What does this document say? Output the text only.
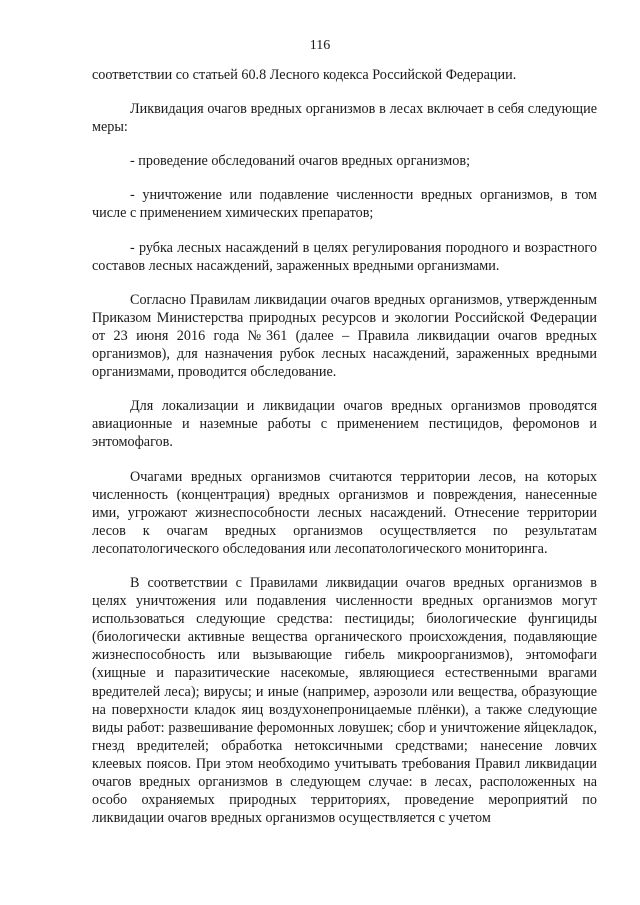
116

соответствии со статьей 60.8 Лесного кодекса Российской Федерации.

Ликвидация очагов вредных организмов в лесах включает в себя следующие меры:

- проведение обследований очагов вредных организмов;

- уничтожение или подавление численности вредных организмов, в том числе с применением химических препаратов;

- рубка лесных насаждений в целях регулирования породного и возрастного составов лесных насаждений, зараженных вредными организмами.

Согласно Правилам ликвидации очагов вредных организмов, утвержденным Приказом Министерства природных ресурсов и экологии Российской Федерации от 23 июня 2016 года №361 (далее – Правила ликвидации очагов вредных организмов), для назначения рубок лесных насаждений, зараженных вредными организмами, проводится обследование.

Для локализации и ликвидации очагов вредных организмов проводятся авиационные и наземные работы с применением пестицидов, феромонов и энтомофагов.

Очагами вредных организмов считаются территории лесов, на которых численность (концентрация) вредных организмов и повреждения, нанесенные ими, угрожают жизнеспособности лесных насаждений. Отнесение территории лесов к очагам вредных организмов осуществляется по результатам лесопатологического обследования или лесопатологического мониторинга.

В соответствии с Правилами ликвидации очагов вредных организмов в целях уничтожения или подавления численности вредных организмов могут использоваться следующие средства: пестициды; биологические фунгициды (биологически активные вещества органического происхождения, подавляющие жизнеспособность или вызывающие гибель микроорганизмов), энтомофаги (хищные и паразитические насекомые, являющиеся естественными врагами вредителей леса); вирусы; и иные (например, аэрозоли или вещества, образующие на поверхности кладок яиц воздухонепроницаемые плёнки), а также следующие виды работ: развешивание феромонных ловушек; сбор и уничтожение яйцекладок, гнезд вредителей; обработка нетоксичными средствами; нанесение ловчих клеевых поясов. При этом необходимо учитывать требования Правил ликвидации очагов вредных организмов в следующем случае: в лесах, расположенных на особо охраняемых природных территориях, проведение мероприятий по ликвидации очагов вредных организмов осуществляется с учетом
